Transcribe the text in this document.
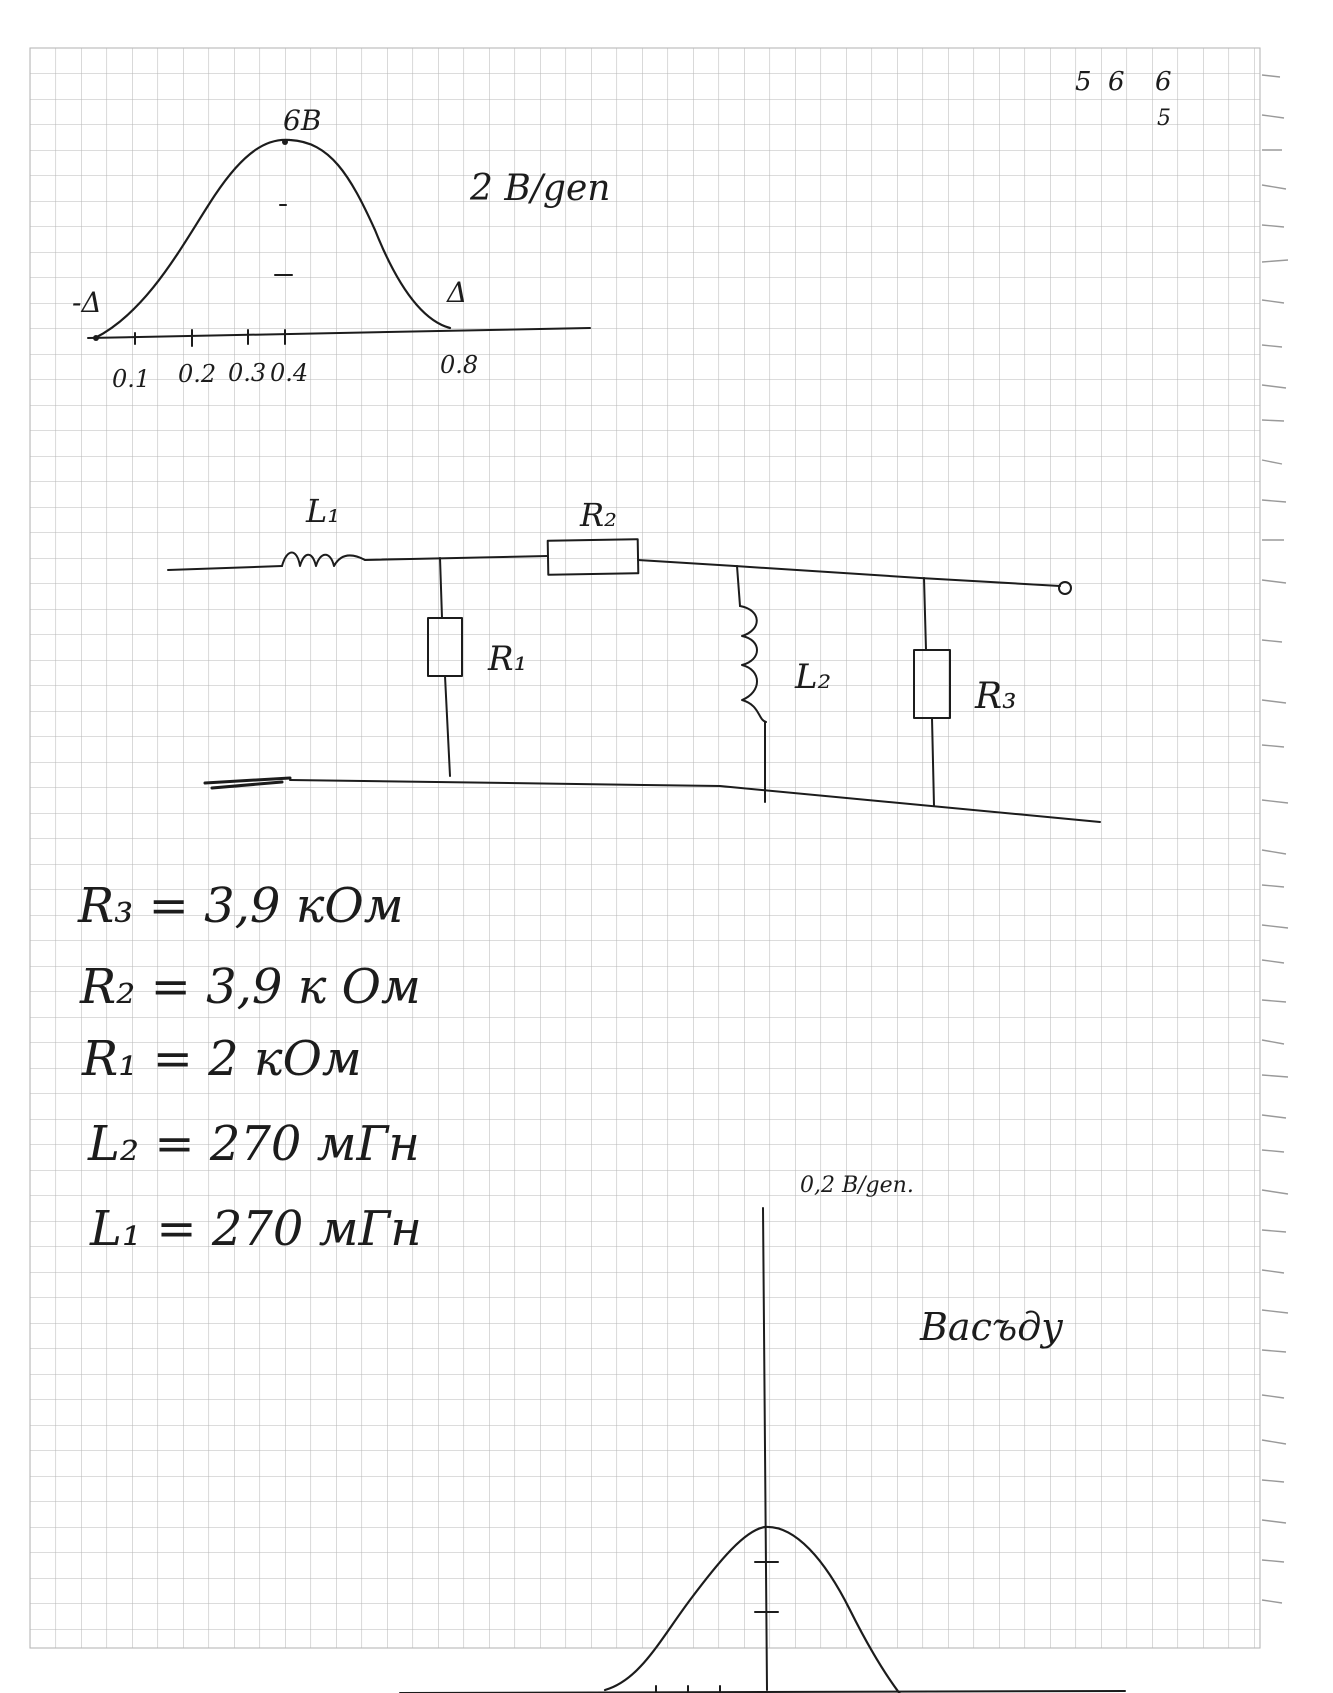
5 6 6
5
6B
2 B/gen
-Δ	Δ
0.1 0.2 0.3 0.4	0.8
L₁	R₂
R₁	L₂	R₃
R₃ = 3,9 кОм
R₂ = 3,9 к Ом
R₁ = 2 кОм
L₂ = 270 мГн
L₁ = 270 мГн
0,2 B/gen.
Васъду
